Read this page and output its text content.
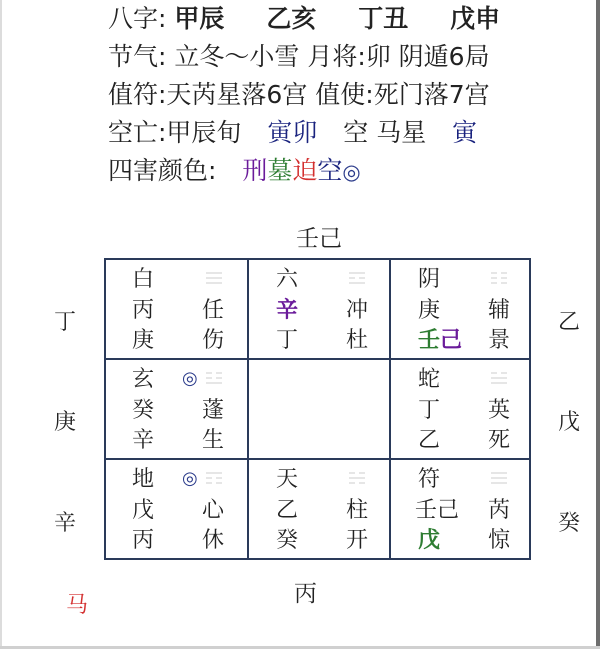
八字: 甲辰 乙亥 丁丑 戊申
节气: 立冬～小雪 月将:卯 阴遁6局
值符:天芮星落6宫 值使:死门落7宫
空亡:甲辰旬 寅卯 空 马星 寅
四害颜色: 刑墓迫空◎
壬己
丙
丁
庚
辛
乙
戊
癸
马
白
丙
庚
任
伤
六
辛
丁
冲
杜
阴
庚
壬 己
辅
景
玄 ◎
癸
辛
蓬
生
蛇
丁
乙
英
死
地 ◎
戊
丙
心
休
天
乙
癸
柱
开
符
壬己
戊
芮
惊
